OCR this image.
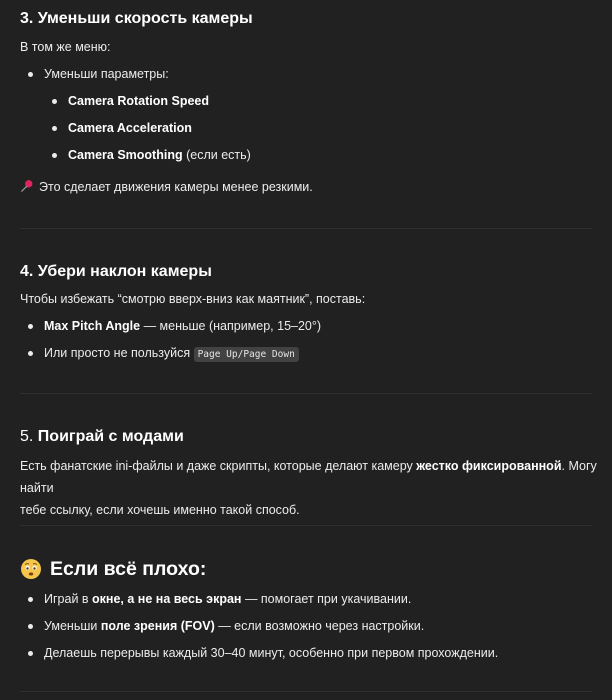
3. Уменьши скорость камеры

В том же меню:

Уменьши параметры:
Camera Rotation Speed
Camera Acceleration
Camera Smoothing (если есть)

Это сделает движения камеры менее резкими.

4. Убери наклон камеры

Чтобы избежать “смотрю вверх-вниз как маятник”, поставь:

Max Pitch Angle — меньше (например, 15–20°)
Или просто не пользуйся Page Up/Page Down
5. Поиграй с модами

Есть фанатские ini-файлы и даже скрипты, которые делают камеру жестко фиксированной. Могу найти
тебе ссылку, если хочешь именно такой способ.

Если всё плохо:
Играй в окне, а не на весь экран — помогает при укачивании.
Уменьши поле зрения (FOV) — если возможно через настройки.
Делаешь перерывы каждый 30–40 минут, особенно при первом прохождении.
